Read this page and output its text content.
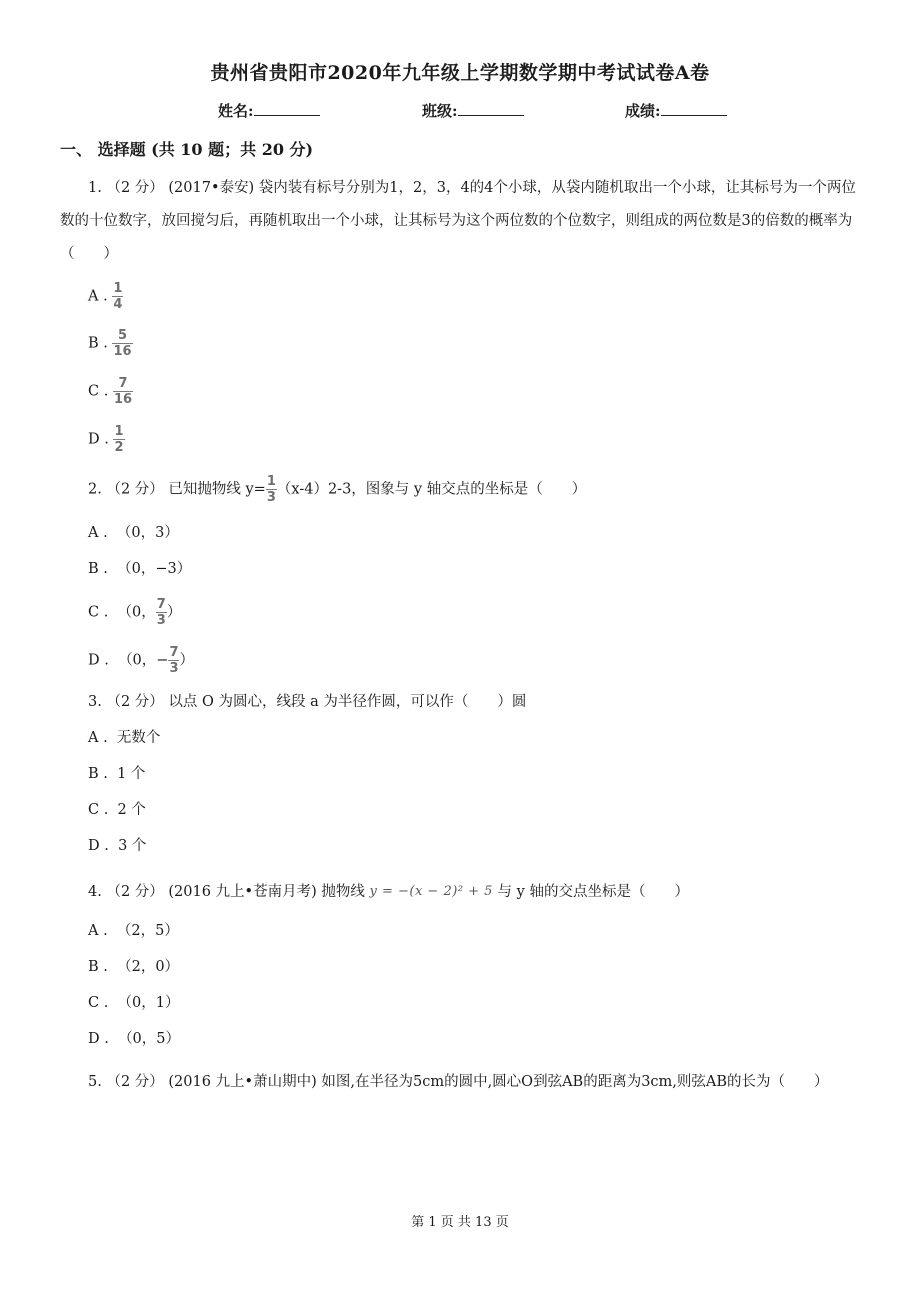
贵州省贵阳市2020年九年级上学期数学期中考试试卷A卷
姓名:	班级:	成绩:
一、 选择题 (共 10 题；共 20 分)
1. （2 分） (2017•泰安) 袋内装有标号分别为1，2，3，4的4个小球，从袋内随机取出一个小球，让其标号为一个两位数的十位数字，放回搅匀后，再随机取出一个小球，让其标号为这个两位数的个位数字，则组成的两位数是3的倍数的概率为（　　）
A . $\frac{1}{4}$
B . $\frac{5}{16}$
C . $\frac{7}{16}$
D . $\frac{1}{2}$
2. （2 分） 已知抛物线 $y= \frac{1}{3} (x-4)2-3$，图象与 y 轴交点的坐标是（　　）
A . （0，3）
B . （0，−3）
C . （0， $\frac{7}{3}$ ）
D . （0，− $\frac{7}{3}$ ）
3. （2 分） 以点 O 为圆心，线段 a 为半径作圆，可以作（　　）圆
A . 无数个
B . 1 个
C . 2 个
D . 3 个
4. （2 分） (2016 九上•苍南月考) 抛物线 y = −(x − 2)² + 5 与 y 轴的交点坐标是（　　）
A . （2，5）
B . （2，0）
C . （0，1）
D . （0，5）
5. （2 分） (2016 九上•萧山期中) 如图,在半径为5cm的圆中,圆心O到弦AB的距离为3cm,则弦AB的长为（　　）
第 1 页 共 13 页
